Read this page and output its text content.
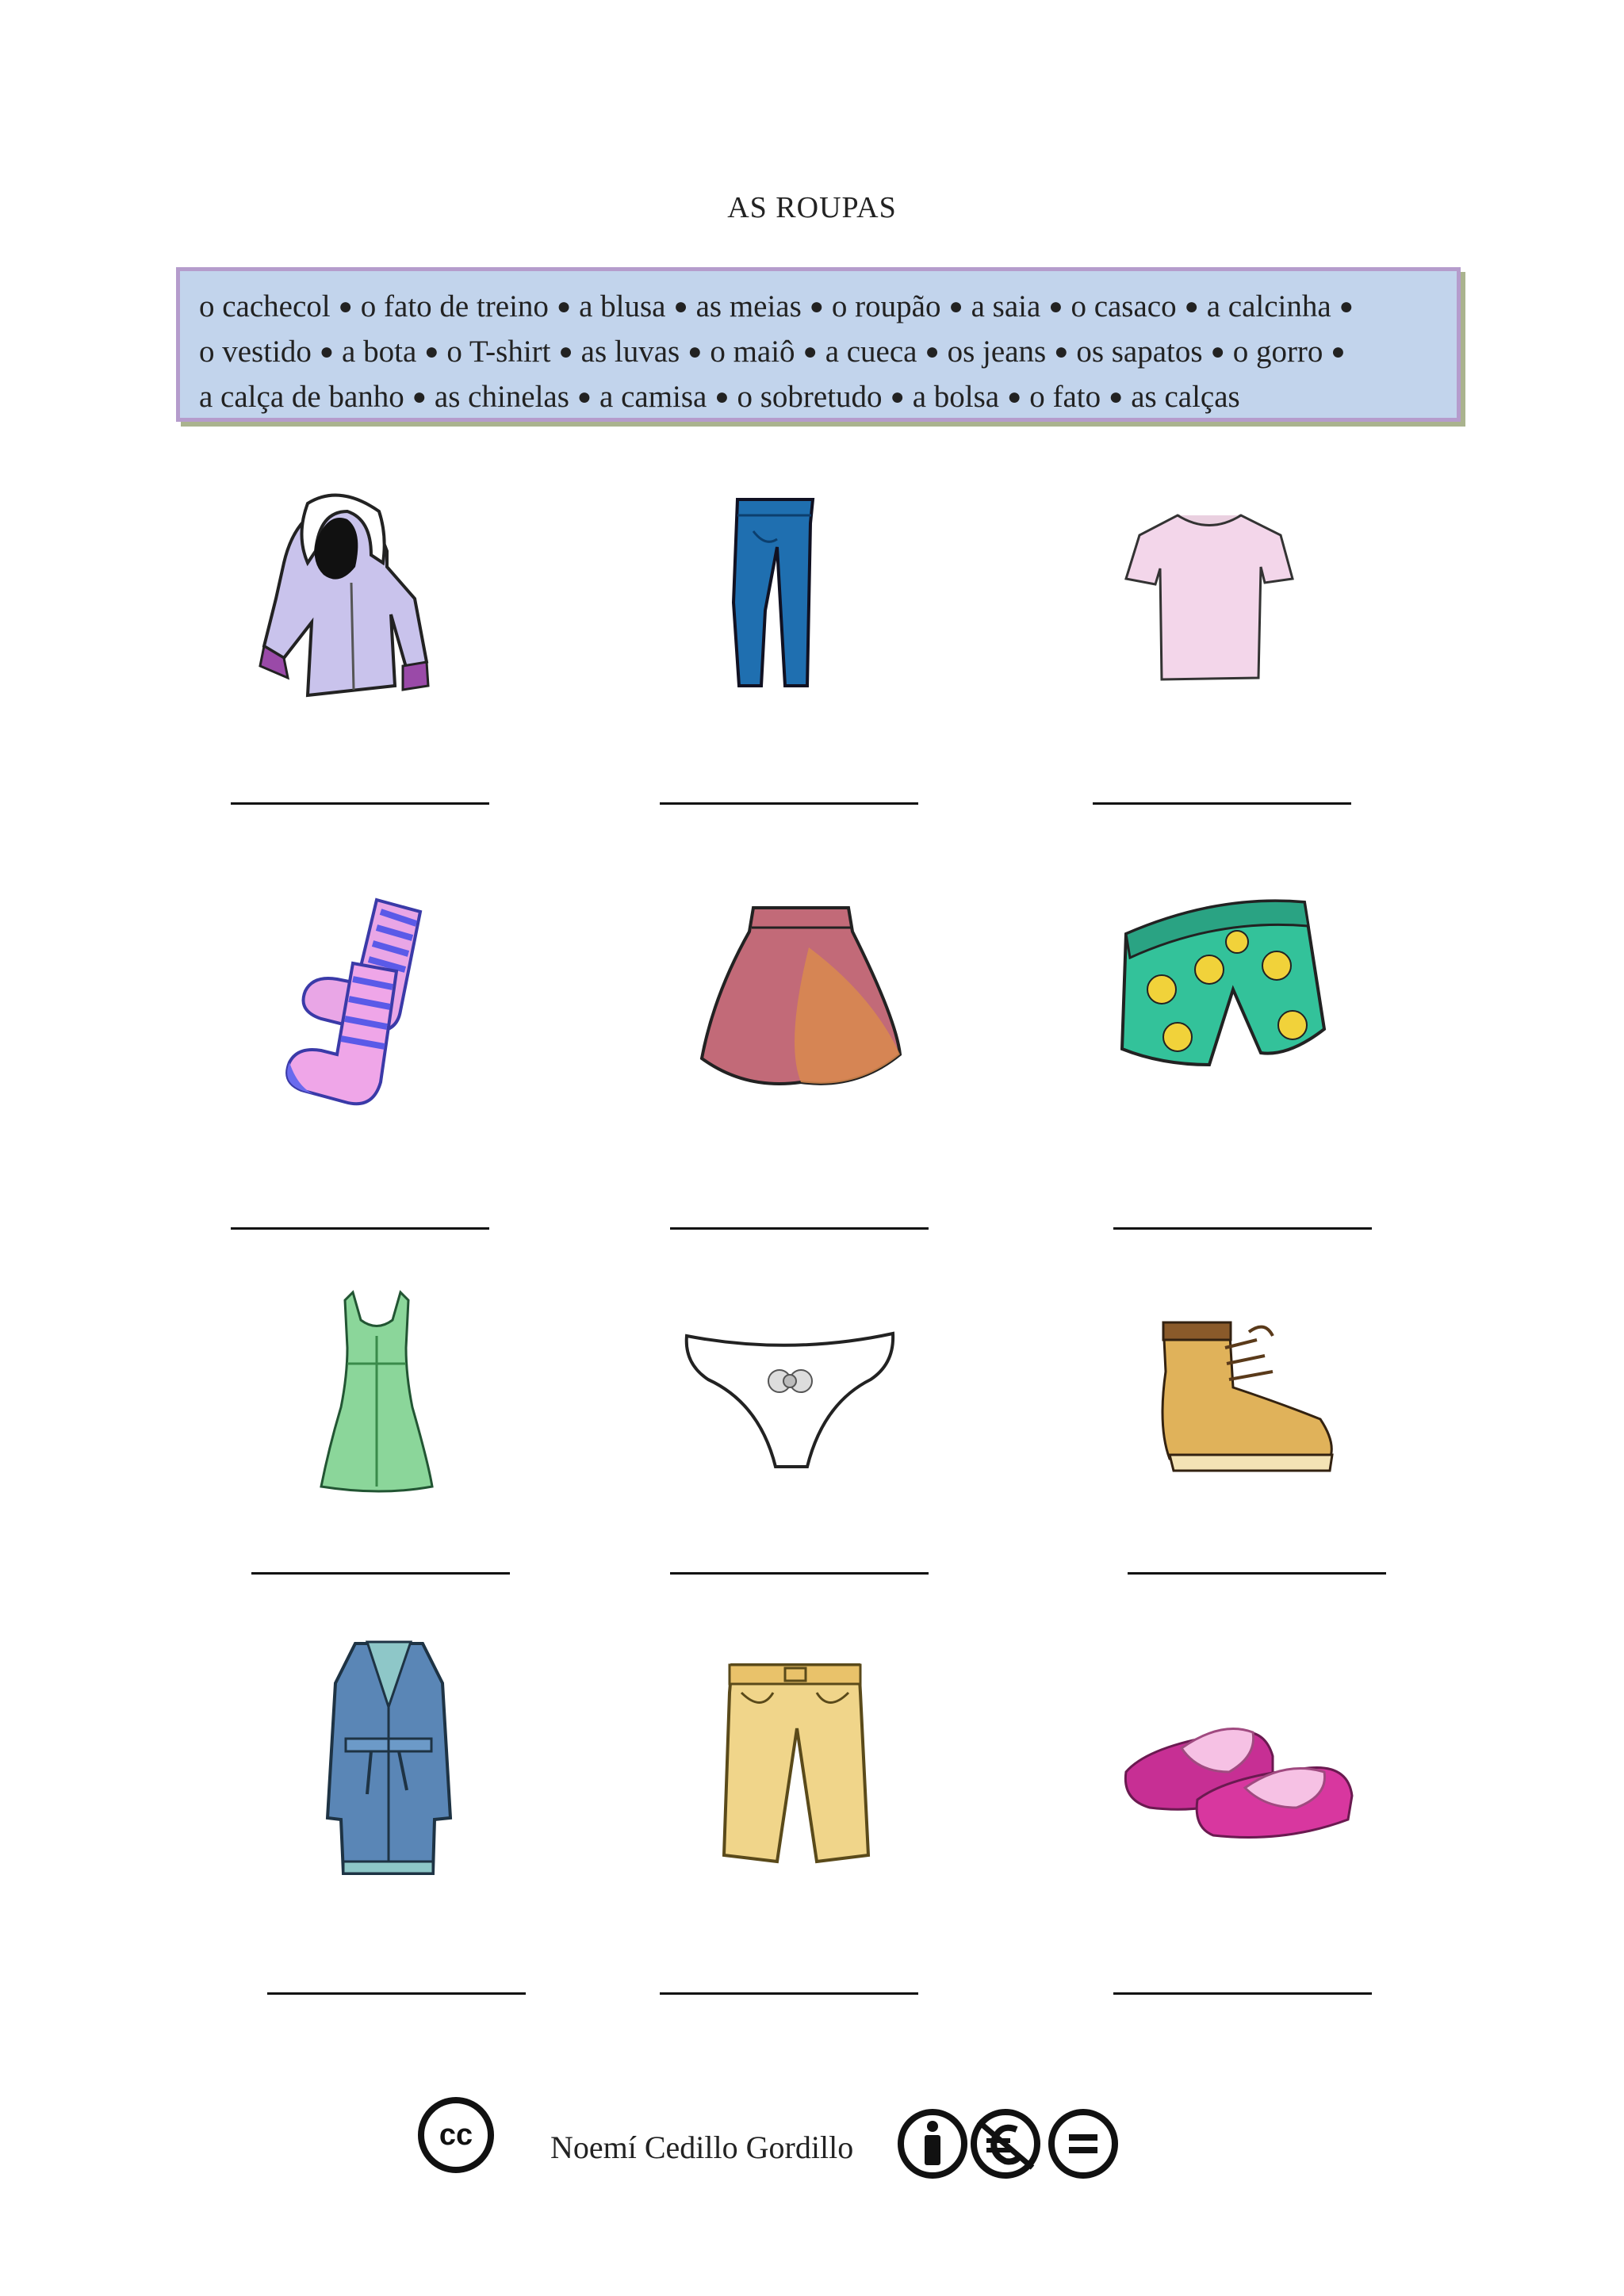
AS ROUPAS
o cachecol ● o fato de treino ● a blusa ● as meias ● o roupão ● a saia ● o casaco ● a calcinha ●
o vestido ● a bota ● o T-shirt ● as luvas ● o maiô ● a cueca ● os jeans ● os sapatos ● o gorro ●
a calça de banho ● as chinelas ● a camisa ● o sobretudo ● a bolsa ● o fato ● as calças
cc Noemí Cedillo Gordillo
